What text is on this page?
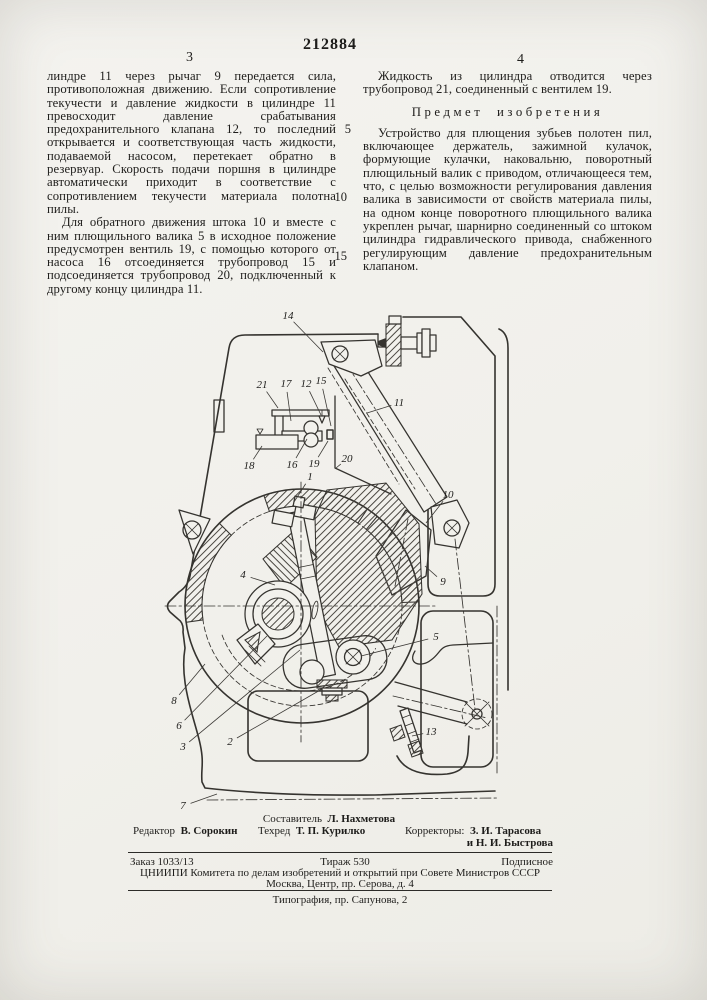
212884
3	4

линдре 11 через рычаг 9 передается сила, противоположная движению. Если сопротивление текучести и давление жидкости в цилиндре 11 превосходит давление срабатывания предохранительного клапана 12, то последний открывается и соответствующая часть жидкости, подаваемой насосом, перетекает обратно в резервуар. Скорость подачи поршня в цилиндре автоматически приходит в соответствие с сопротивлением текучести материала полотна пилы.

Для обратного движения штока 10 и вместе с ним плющильного валика 5 в исходное положение предусмотрен вентиль 19, с помощью которого от насоса 16 отсоединяется трубопровод 15 и подсоединяется трубопровод 20, подключенный к другому концу цилиндра 11.

Жидкость из цилиндра отводится через трубопровод 21, соединенный с вентилем 19.

Предмет изобретения

Устройство для плющения зубьев полотен пил, включающее держатель, зажимной кулачок, формующие кулачки, наковальню, поворотный плющильный валик с приводом, отличающееся тем, что, с целью возможности регулирования давления валика в зависимости от свойств материала пилы, на одном конце поворотного плющильного валика укреплен рычаг, шарнирно соединенный со штоком цилиндра гидравлического привода, снабженного регулирующим давление предохранительным клапаном.

5
10
15
14
21 17 12 15
11
18	16 19 20
1
10
9
4
5
8
6
3	2
13
7
Составитель Л. Нахметова
Редактор В. Сорокин Техред Т. П. Курилко	Корректоры: З. И. Тарасова
и Н. И. Быстрова
Заказ 1033/13	Тираж 530	Подписное
ЦНИИПИ Комитета по делам изобретений и открытий при Совете Министров СССР
Москва, Центр, пр. Серова, д. 4
Типография, пр. Сапунова, 2
